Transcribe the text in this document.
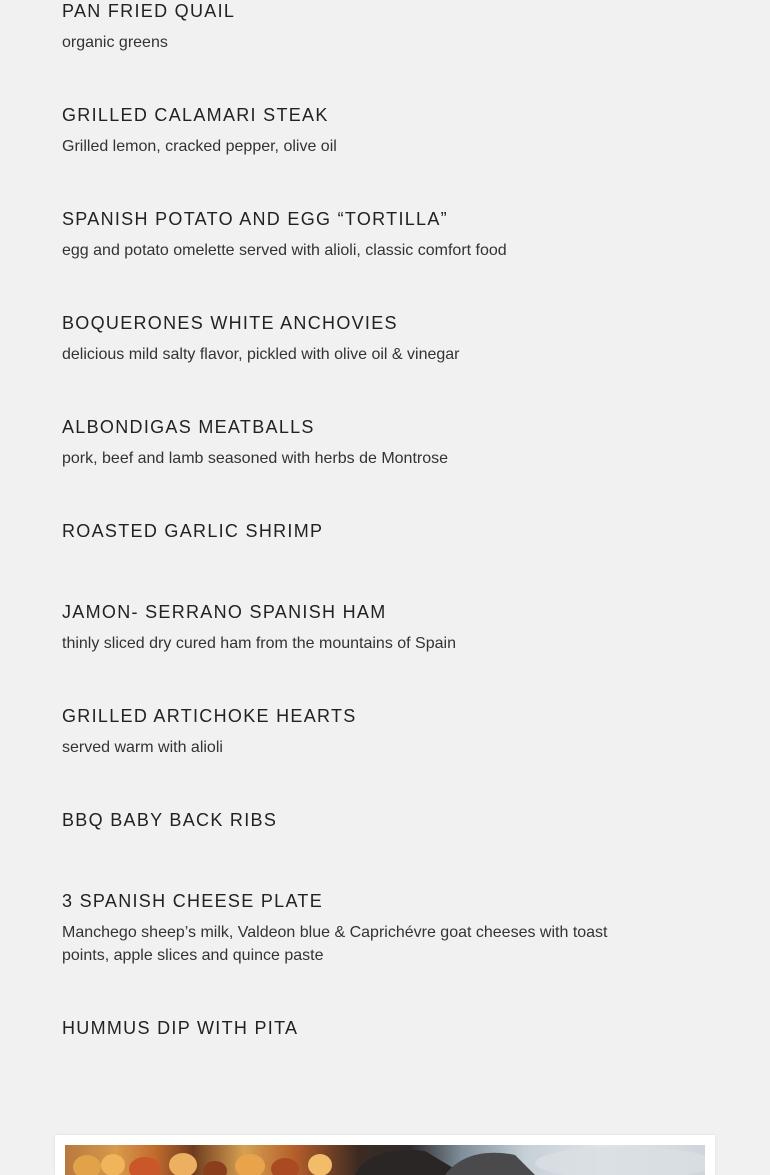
PAN FRIED QUAIL
organic greens
GRILLED CALAMARI STEAK
Grilled lemon, cracked pepper, olive oil
SPANISH POTATO AND EGG “TORTILLA”
egg and potato omelette served with alioli, classic comfort food
BOQUERONES WHITE ANCHOVIES
delicious mild salty flavor, pickled with olive oil & vinegar
ALBONDIGAS MEATBALLS
pork, beef and lamb seasoned with herbs de Montrose
ROASTED GARLIC SHRIMP
JAMON- SERRANO SPANISH HAM
thinly sliced dry cured ham from the mountains of Spain
GRILLED ARTICHOKE HEARTS
served warm with alioli
BBQ BABY BACK RIBS
3 SPANISH CHEESE PLATE
Manchego sheep’s milk, Valdeon blue & Caprichévre goat cheeses with toast points, apple slices and quince paste
HUMMUS DIP WITH PITA
